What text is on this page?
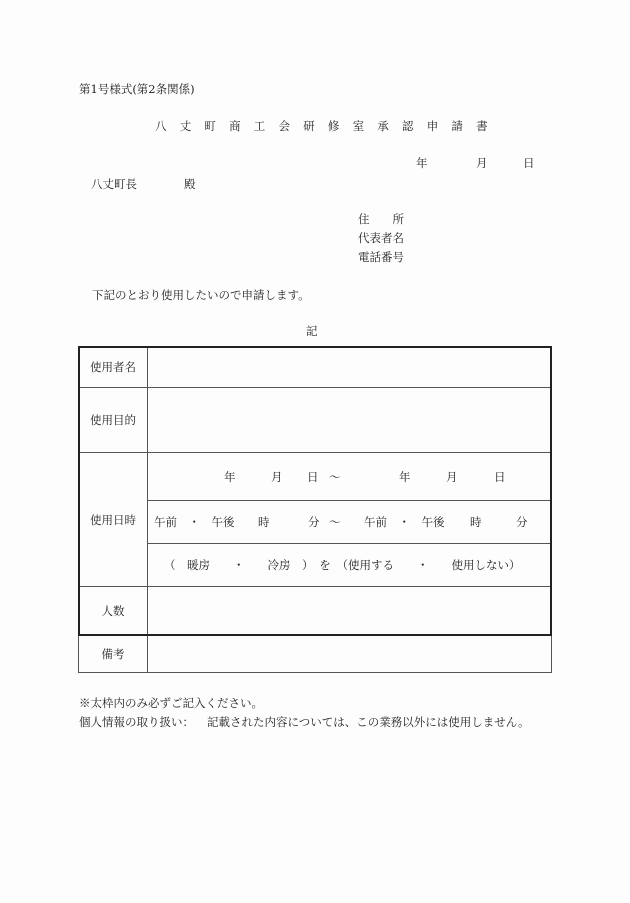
第1号様式(第2条関係)
八丈町商工会研修室承認申請書
年	月	日
八丈町長	殿
住　　所
代表者名
電話番号
下記のとおり使用したいので申請します。
記
使用者名	
使用目的	
使用日時	
年	月 日 ～	年	月	日

午前　・　午後 時	分 ～ 午前　・　午後 時	分

	（　暖房　　・　　冷房　）　を　（使用する　　・　　使用しない）

人数	
備考	
※太枠内のみ必ずご記入ください。
個人情報の取り扱い： 記載された内容については、この業務以外には使用しません。
